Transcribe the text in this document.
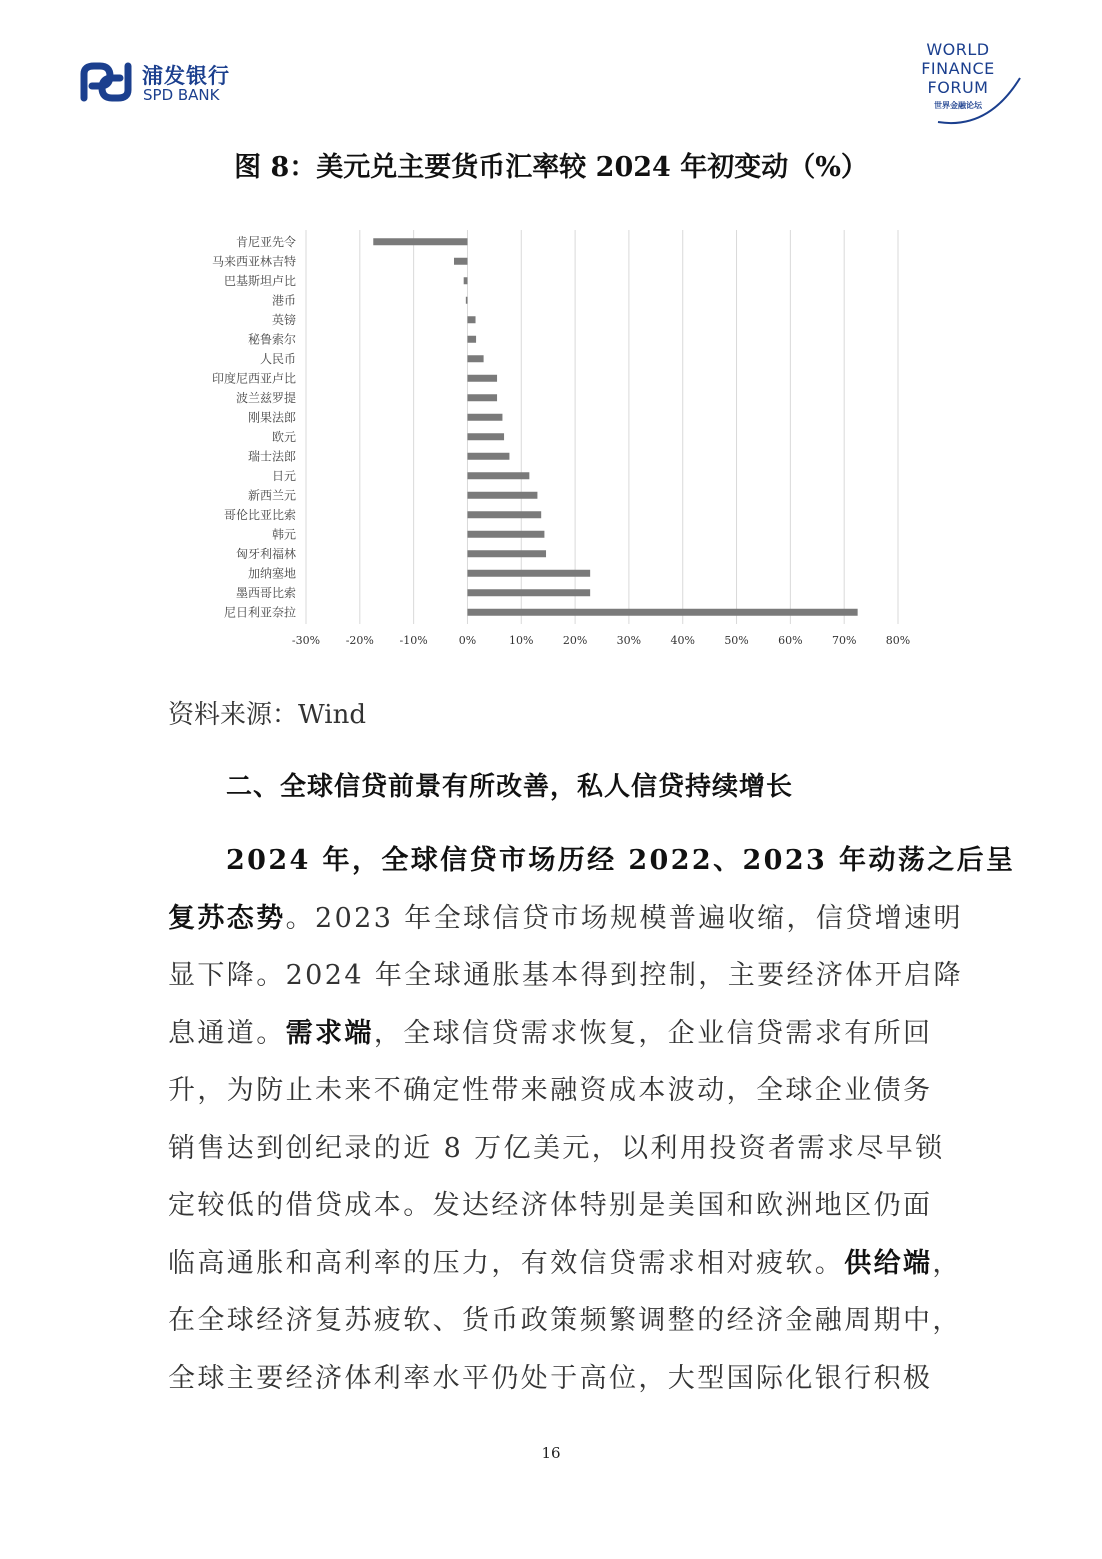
浦发银行
SPD BANK
WORLD
FINANCE
FORUM
世界金融论坛
图 8：美元兑主要货币汇率较 2024 年初变动（%）
-30% -20% -10%	0%	10%	20%	30%	40%	50%	60%	70%	80%
肯尼亚先令
马来西亚林吉特
巴基斯坦卢比
港币
英镑
秘鲁索尔
人民币
印度尼西亚卢比
波兰兹罗提
刚果法郎
欧元
瑞士法郎
日元
新西兰元
哥伦比亚比索
韩元
匈牙利福林
加纳塞地
墨西哥比索
尼日利亚奈拉
资料来源：Wind
二、全球信贷前景有所改善，私人信贷持续增长
2024 年，全球信贷市场历经 2022、2023 年动荡之后呈
复苏态势。2023 年全球信贷市场规模普遍收缩，信贷增速明
显下降。2024 年全球通胀基本得到控制，主要经济体开启降
息通道。需求端，全球信贷需求恢复，企业信贷需求有所回
升，为防止未来不确定性带来融资成本波动，全球企业债务
销售达到创纪录的近 8 万亿美元，以利用投资者需求尽早锁
定较低的借贷成本。发达经济体特别是美国和欧洲地区仍面
临高通胀和高利率的压力，有效信贷需求相对疲软。供给端，
在全球经济复苏疲软、货币政策频繁调整的经济金融周期中，
全球主要经济体利率水平仍处于高位，大型国际化银行积极
16
